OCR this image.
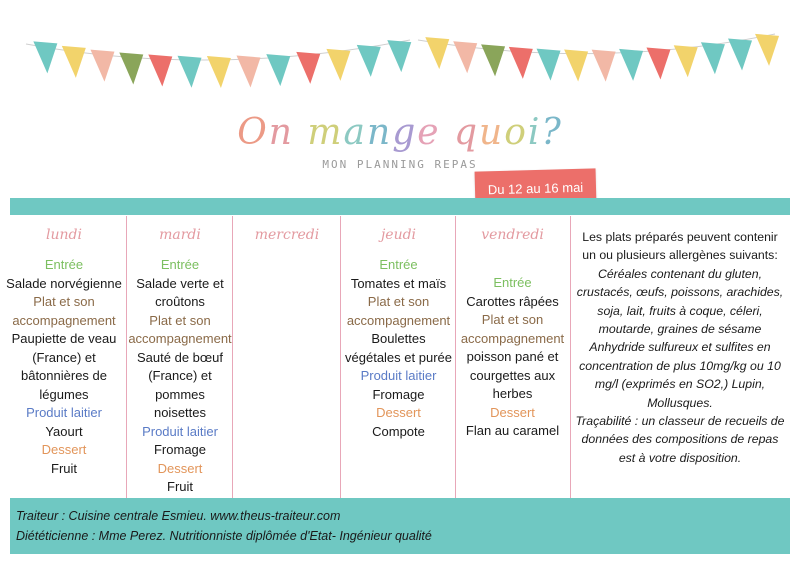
On mange quoi?
MON PLANNING REPAS
Du 12 au 16 mai
lundi
Entrée
Salade norvégienne
Plat et son accompagnement
Paupiette de veau (France) et bâtonnières de légumes
Produit laitier
Yaourt
Dessert
Fruit
mardi
Entrée
Salade verte et croûtons
Plat et son accompagnement
Sauté de bœuf (France) et pommes noisettes
Produit laitier
Fromage
Dessert
Fruit
mercredi	jeudi
Entrée
Tomates et maïs
Plat et son accompagnement
Boulettes végétales et purée
Produit laitier
Fromage
Dessert
Compote
vendredi
Entrée
Carottes râpées
Plat et son accompagnement
poisson pané et courgettes aux herbes
Dessert
Flan au caramel
Les plats préparés peuvent contenir un ou plusieurs allergènes suivants:
Céréales contenant du gluten, crustacés, œufs, poissons, arachides, soja, lait, fruits à coque, céleri, moutarde, graines de sésame Anhydride sulfureux et sulfites en concentration de plus 10mg/kg ou 10 mg/l (exprimés en SO2,) Lupin, Mollusques.
Traçabilité : un classeur de recueils de données des compositions de repas est à votre disposition.
Traiteur : Cuisine centrale Esmieu. www.theus-traiteur.com
Diététicienne : Mme Perez. Nutritionniste diplômée d'Etat- Ingénieur qualité
